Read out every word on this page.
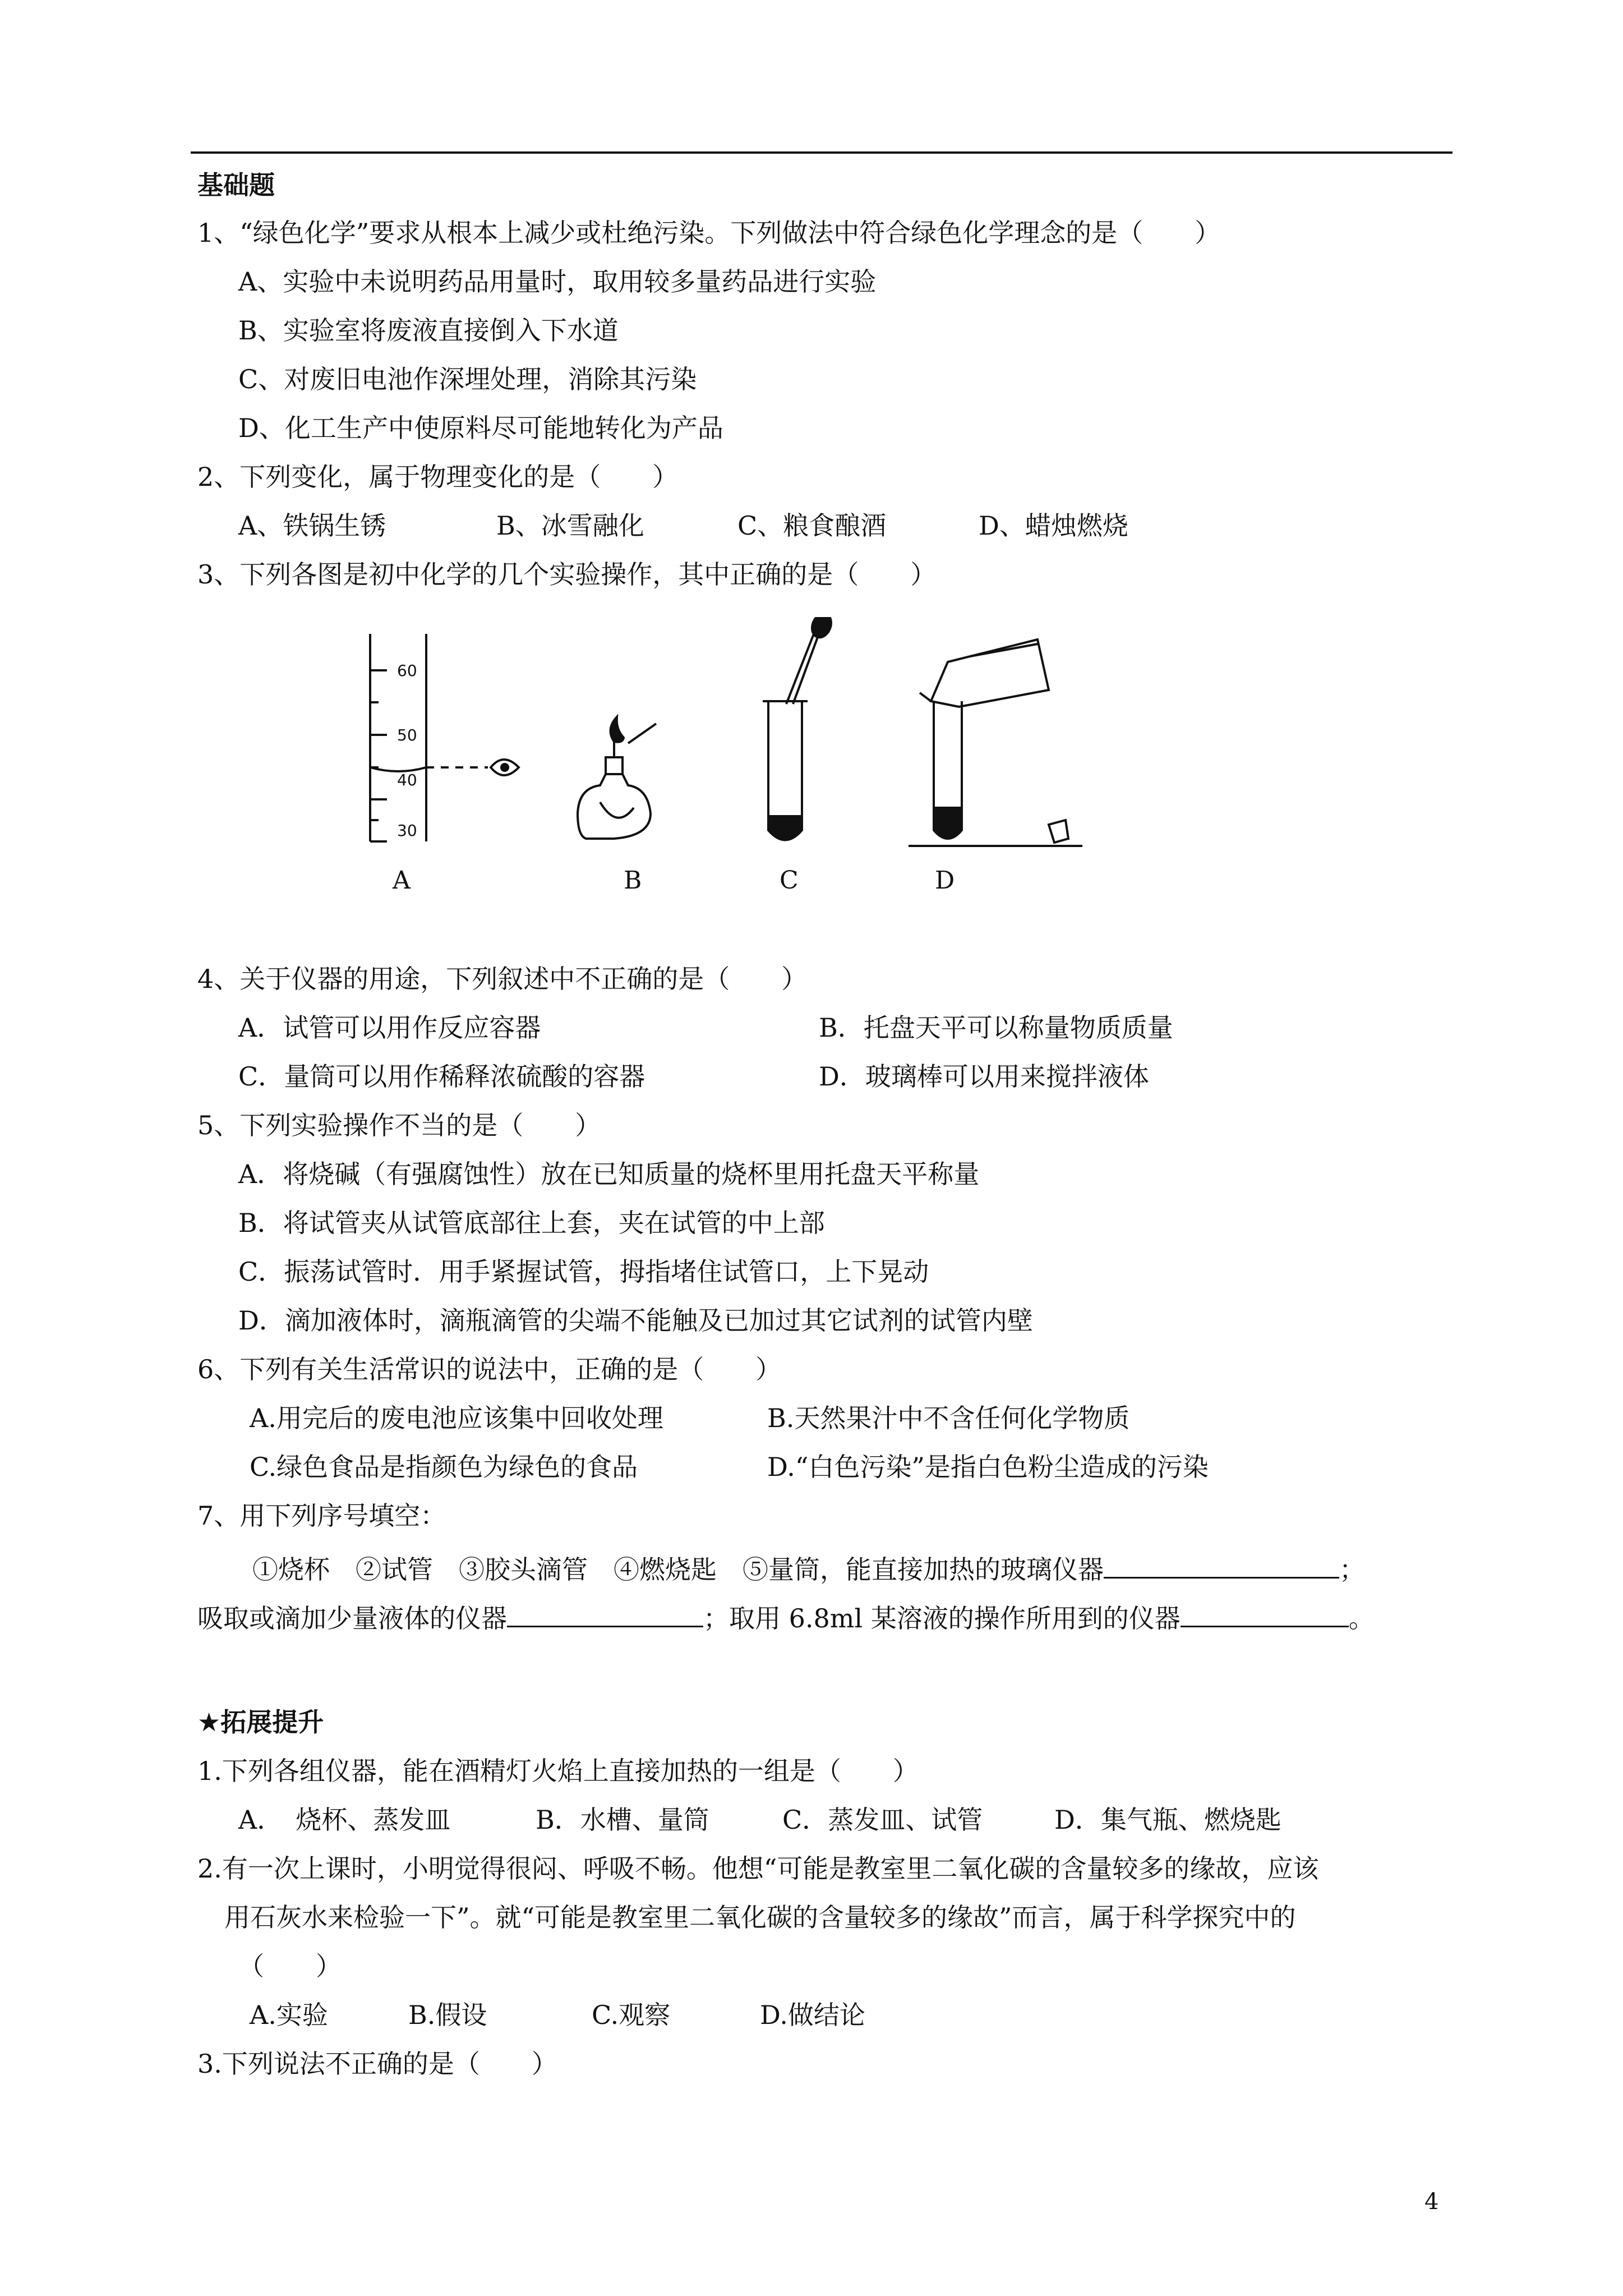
基础题
1、“绿色化学”要求从根本上减少或杜绝污染。下列做法中符合绿色化学理念的是（　　）
A、实验中未说明药品用量时，取用较多量药品进行实验
B、实验室将废液直接倒入下水道
C、对废旧电池作深埋处理，消除其污染
D、化工生产中使原料尽可能地转化为产品
2、下列变化，属于物理变化的是（　　）
A、铁锅生锈	B、冰雪融化	C、粮食酿酒	D、蜡烛燃烧
3、下列各图是初中化学的几个实验操作，其中正确的是（　　）
60
50
40
30
A	B	C	D
4、关于仪器的用途，下列叙述中不正确的是（　　）
A．试管可以用作反应容器	B．托盘天平可以称量物质质量
C．量筒可以用作稀释浓硫酸的容器	D．玻璃棒可以用来搅拌液体
5、下列实验操作不当的是（　　）
A．将烧碱（有强腐蚀性）放在已知质量的烧杯里用托盘天平称量
B．将试管夹从试管底部往上套，夹在试管的中上部
C．振荡试管时．用手紧握试管，拇指堵住试管口，上下晃动
D．滴加液体时，滴瓶滴管的尖端不能触及已加过其它试剂的试管内壁
6、下列有关生活常识的说法中，正确的是（　　）
A.用完后的废电池应该集中回收处理	B.天然果汁中不含任何化学物质
C.绿色食品是指颜色为绿色的食品	D.“白色污染”是指白色粉尘造成的污染
7、用下列序号填空：
①烧杯　②试管　③胶头滴管　④燃烧匙　⑤量筒，能直接加热的玻璃仪器	；
吸取或滴加少量液体的仪器	；取用 6.8ml 某溶液的操作所用到的仪器	。
★拓展提升
1.下列各组仪器，能在酒精灯火焰上直接加热的一组是（　　）
A．　烧杯、蒸发皿	B．水槽、量筒	C．蒸发皿、试管	D．集气瓶、燃烧匙
2.有一次上课时，小明觉得很闷、呼吸不畅。他想“可能是教室里二氧化碳的含量较多的缘故，应该
用石灰水来检验一下”。就“可能是教室里二氧化碳的含量较多的缘故”而言，属于科学探究中的
（　　）
A.实验	B.假设	C.观察	D.做结论
3.下列说法不正确的是（　　）
4
